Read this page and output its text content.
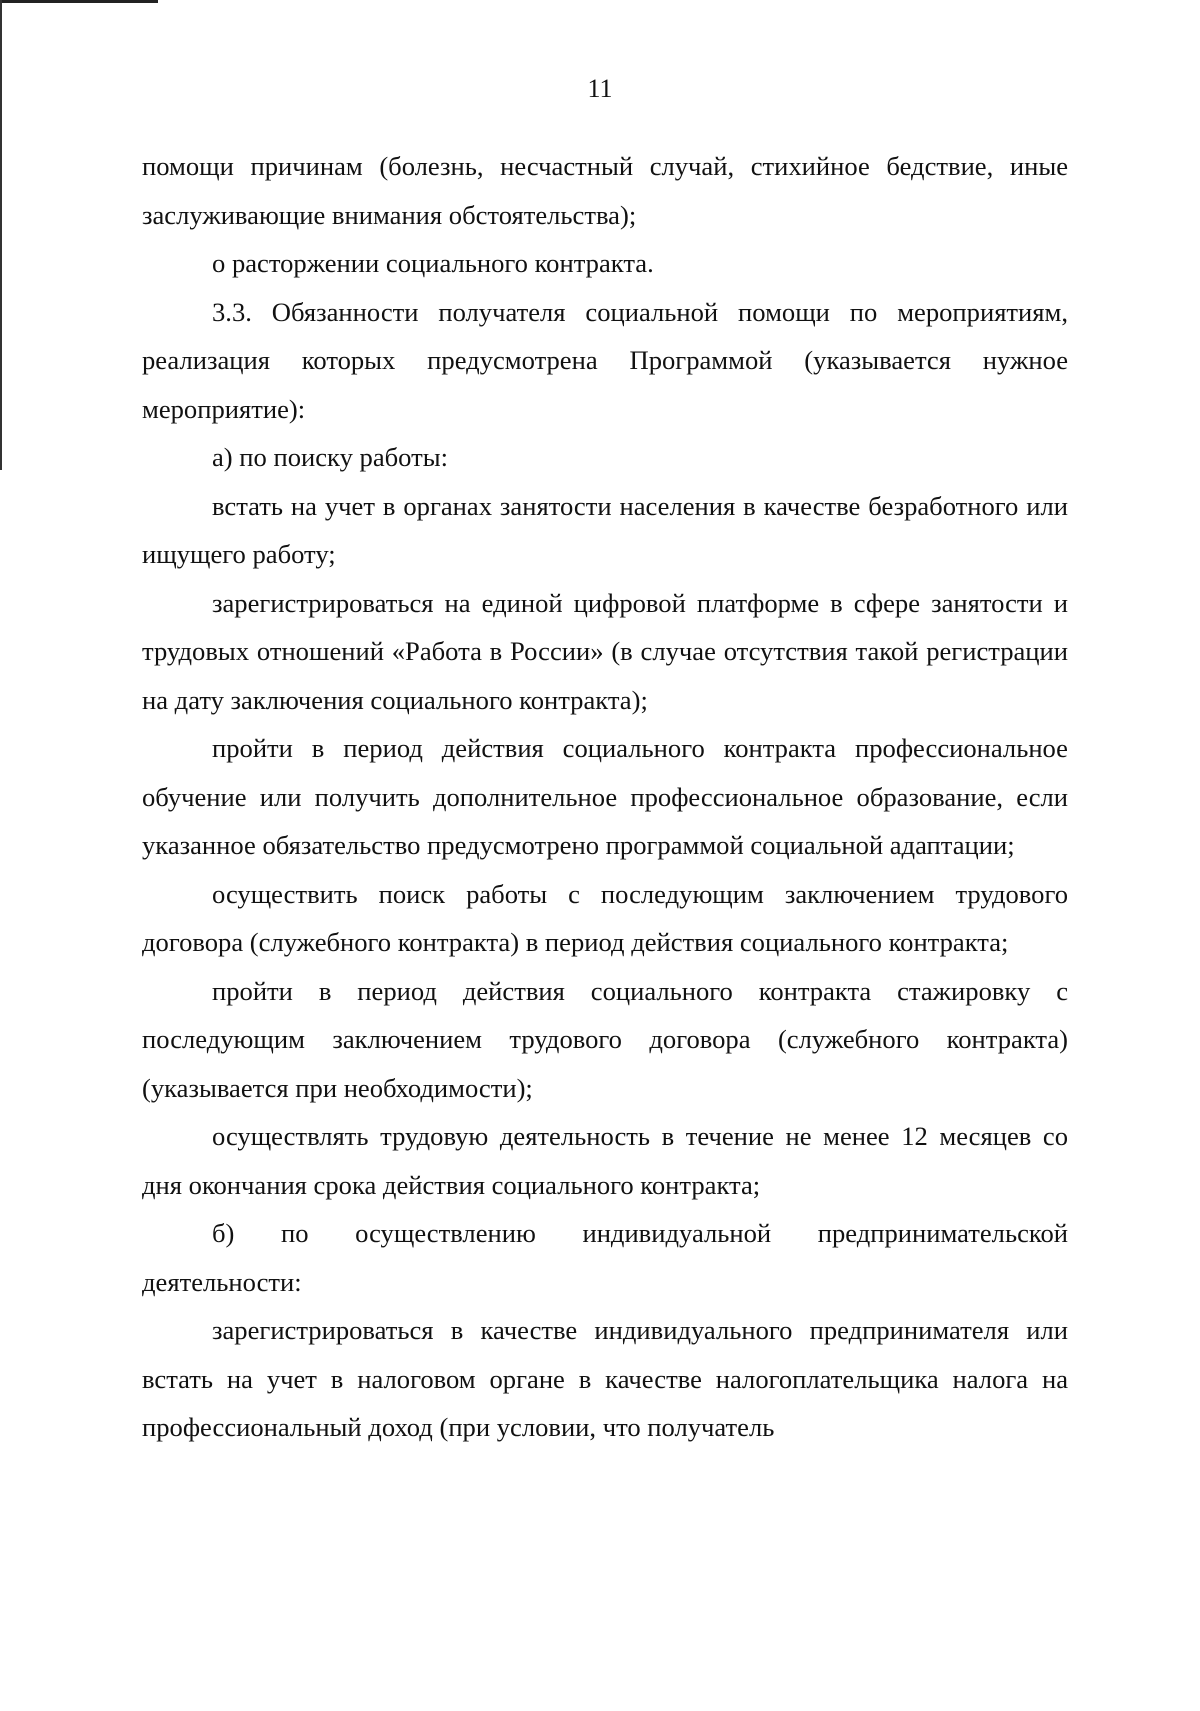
11

помощи причинам (болезнь, несчастный случай, стихийное бедствие, иные заслуживающие внимания обстоятельства);

о расторжении социального контракта.

3.3. Обязанности получателя социальной помощи по мероприятиям, реализация которых предусмотрена Программой (указывается нужное мероприятие):

а) по поиску работы:

встать на учет в органах занятости населения в качестве безработного или ищущего работу;

зарегистрироваться на единой цифровой платформе в сфере занятости и трудовых отношений «Работа в России» (в случае отсутствия такой регистрации на дату заключения социального контракта);

пройти в период действия социального контракта профессиональное обучение или получить дополнительное профессиональное образование, если указанное обязательство предусмотрено программой социальной адаптации;

осуществить поиск работы с последующим заключением трудового договора (служебного контракта) в период действия социального контракта;

пройти в период действия социального контракта стажировку с последующим заключением трудового договора (служебного контракта) (указывается при необходимости);

осуществлять трудовую деятельность в течение не менее 12 месяцев со дня окончания срока действия социального контракта;

б) по осуществлению индивидуальной предпринимательской деятельности:

зарегистрироваться в качестве индивидуального предпринимателя или встать на учет в налоговом органе в качестве налогоплательщика налога на профессиональный доход (при условии, что получатель
